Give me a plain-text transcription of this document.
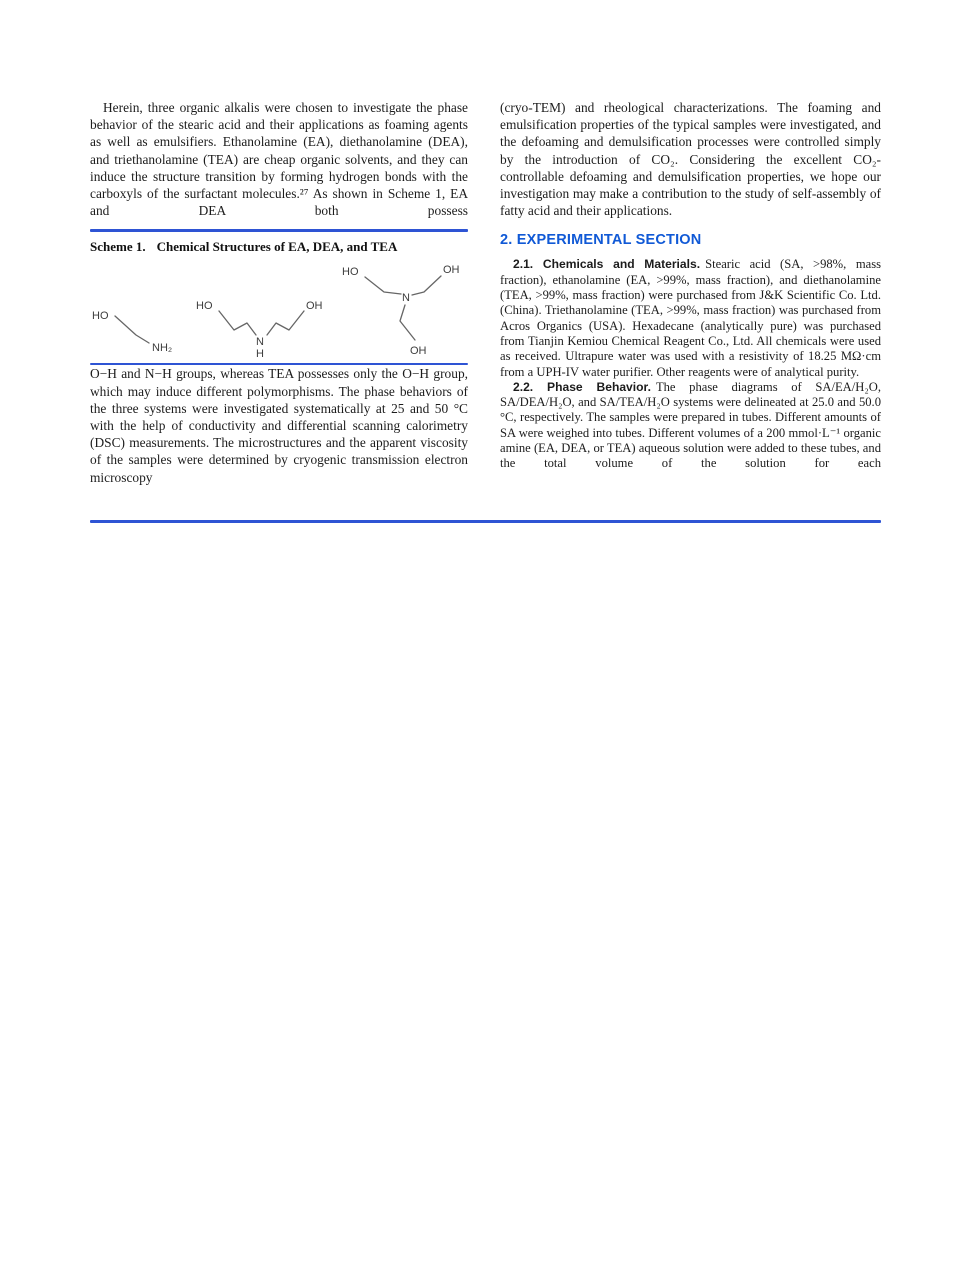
Herein, three organic alkalis were chosen to investigate the phase behavior of the stearic acid and their applications as foaming agents as well as emulsifiers. Ethanolamine (EA), diethanolamine (DEA), and triethanolamine (TEA) are cheap organic solvents, and they can induce the structure transition by forming hydrogen bonds with the carboxyls of the surfactant molecules.²⁷ As shown in Scheme 1, EA and DEA both possess

Scheme 1. Chemical Structures of EA, DEA, and TEA
HO
NH₂
HO
N
H
OH
HO	OH
N
OH

O−H and N−H groups, whereas TEA possesses only the O−H group, which may induce different polymorphisms. The phase behaviors of the three systems were investigated systematically at 25 and 50 °C with the help of conductivity and differential scanning calorimetry (DSC) measurements. The microstructures and the apparent viscosity of the samples were determined by cryogenic transmission electron microscopy

(cryo-TEM) and rheological characterizations. The foaming and emulsification properties of the typical samples were investigated, and the defoaming and demulsification processes were controlled simply by the introduction of CO₂. Considering the excellent CO₂-controllable defoaming and demulsification properties, we hope our investigation may make a contribution to the study of self-assembly of fatty acid and their applications.

2. EXPERIMENTAL SECTION

2.1. Chemicals and Materials. Stearic acid (SA, >98%, mass fraction), ethanolamine (EA, >99%, mass fraction), and diethanolamine (TEA, >99%, mass fraction) were purchased from J&K Scientific Co. Ltd. (China). Triethanolamine (TEA, >99%, mass fraction) was purchased from Acros Organics (USA). Hexadecane (analytically pure) was purchased from Tianjin Kemiou Chemical Reagent Co., Ltd. All chemicals were used as received. Ultrapure water was used with a resistivity of 18.25 MΩ·cm from a UPH-IV water purifier. Other reagents were of analytical purity.

2.2. Phase Behavior. The phase diagrams of SA/EA/H₂O, SA/DEA/H₂O, and SA/TEA/H₂O systems were delineated at 25.0 and 50.0 °C, respectively. The samples were prepared in tubes. Different amounts of SA were weighed into tubes. Different volumes of a 200 mmol·L⁻¹ organic amine (EA, DEA, or TEA) aqueous solution were added to these tubes, and the total volume of the solution for each
